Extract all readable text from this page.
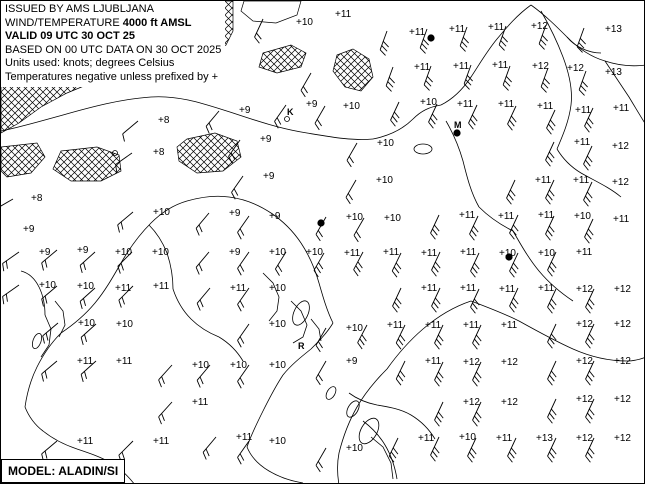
+10
+11
+11 +11 +11	+12	+13
+11 +11 +11 +12 +12 +13
+9
+9	+10	+10 +11 +11 +11 +11 +11
+8
+8
+9	+10	+11 +12
+8
+9	+10	+11 +11 +12
+10	+9	+9	+10 +10	+11 +11 +11 +10 +11
+9
+9	+9	+10 +10	+9	+10 +10 +11 +11 +11 +11 +10 +10 +11
+10 +10 +11 +11	+11 +10	+11 +11 +11 +11 +12 +12
+10 +10	+10	+10 +11 +11 +11 +11	+12 +12
+11 +11	+10 +10 +10	+9	+11 +12 +12	+12 +12
+11	+12 +12	+12 +12
+11	+11	+11 +10
+10
+11 +10 +11 +13 +12 +12
K
M
R
ISSUED BY AMS LJUBLJANA
WIND/TEMPERATURE 4000 ft AMSL
VALID 09 UTC 30 OCT 25
BASED ON 00 UTC DATA ON 30 OCT 2025
Units used: knots; degrees Celsius
Temperatures negative unless prefixed by +
MODEL: ALADIN/SI
